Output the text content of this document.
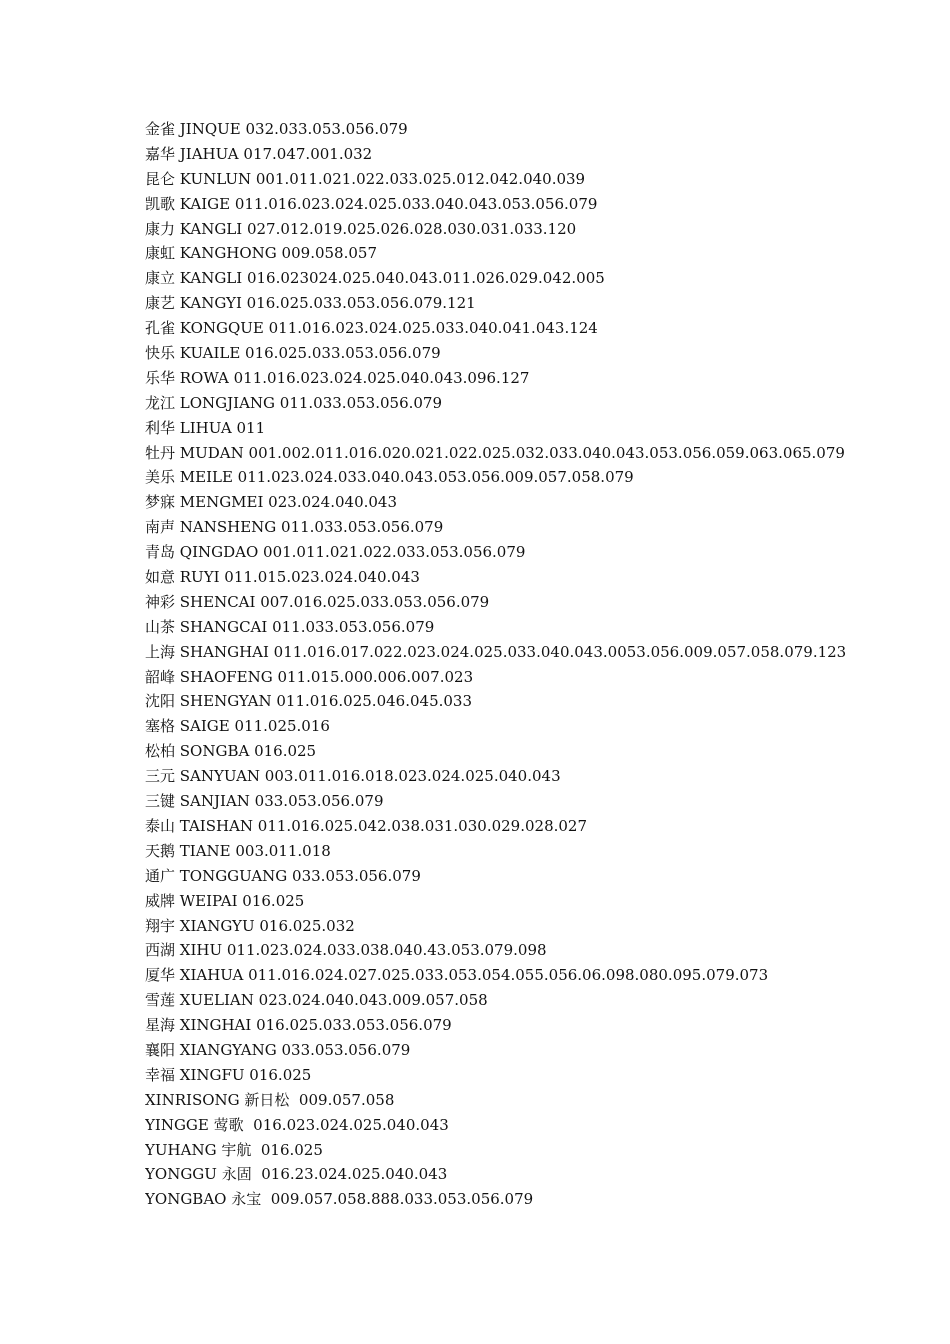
金雀 JINQUE 032.033.053.056.079
嘉华 JIAHUA 017.047.001.032
昆仑 KUNLUN 001.011.021.022.033.025.012.042.040.039
凯歌 KAIGE 011.016.023.024.025.033.040.043.053.056.079
康力 KANGLI 027.012.019.025.026.028.030.031.033.120
康虹 KANGHONG 009.058.057
康立 KANGLI 016.023024.025.040.043.011.026.029.042.005
康艺 KANGYI 016.025.033.053.056.079.121
孔雀 KONGQUE 011.016.023.024.025.033.040.041.043.124
快乐 KUAILE 016.025.033.053.056.079
乐华 ROWA 011.016.023.024.025.040.043.096.127
龙江 LONGJIANG 011.033.053.056.079
利华 LIHUA 011
牡丹 MUDAN 001.002.011.016.020.021.022.025.032.033.040.043.053.056.059.063.065.079
美乐 MEILE 011.023.024.033.040.043.053.056.009.057.058.079
梦寐 MENGMEI 023.024.040.043
南声 NANSHENG 011.033.053.056.079
青岛 QINGDAO 001.011.021.022.033.053.056.079
如意 RUYI 011.015.023.024.040.043
神彩 SHENCAI 007.016.025.033.053.056.079
山茶 SHANGCAI 011.033.053.056.079
上海 SHANGHAI 011.016.017.022.023.024.025.033.040.043.0053.056.009.057.058.079.123
韶峰 SHAOFENG 011.015.000.006.007.023
沈阳 SHENGYAN 011.016.025.046.045.033
塞格 SAIGE 011.025.016
松柏 SONGBA 016.025
三元 SANYUAN 003.011.016.018.023.024.025.040.043
三键 SANJIAN 033.053.056.079
泰山 TAISHAN 011.016.025.042.038.031.030.029.028.027
天鹅 TIANE 003.011.018
通广 TONGGUANG 033.053.056.079
威牌 WEIPAI 016.025
翔宇 XIANGYU 016.025.032
西湖 XIHU 011.023.024.033.038.040.43.053.079.098
厦华 XIAHUA 011.016.024.027.025.033.053.054.055.056.06.098.080.095.079.073
雪莲 XUELIAN 023.024.040.043.009.057.058
星海 XINGHAI 016.025.033.053.056.079
襄阳 XIANGYANG 033.053.056.079
幸福 XINGFU 016.025
XINRISONG 新日松  009.057.058
YINGGE 莺歌  016.023.024.025.040.043
YUHANG 宇航  016.025
YONGGU 永固  016.23.024.025.040.043
YONGBAO 永宝  009.057.058.888.033.053.056.079
